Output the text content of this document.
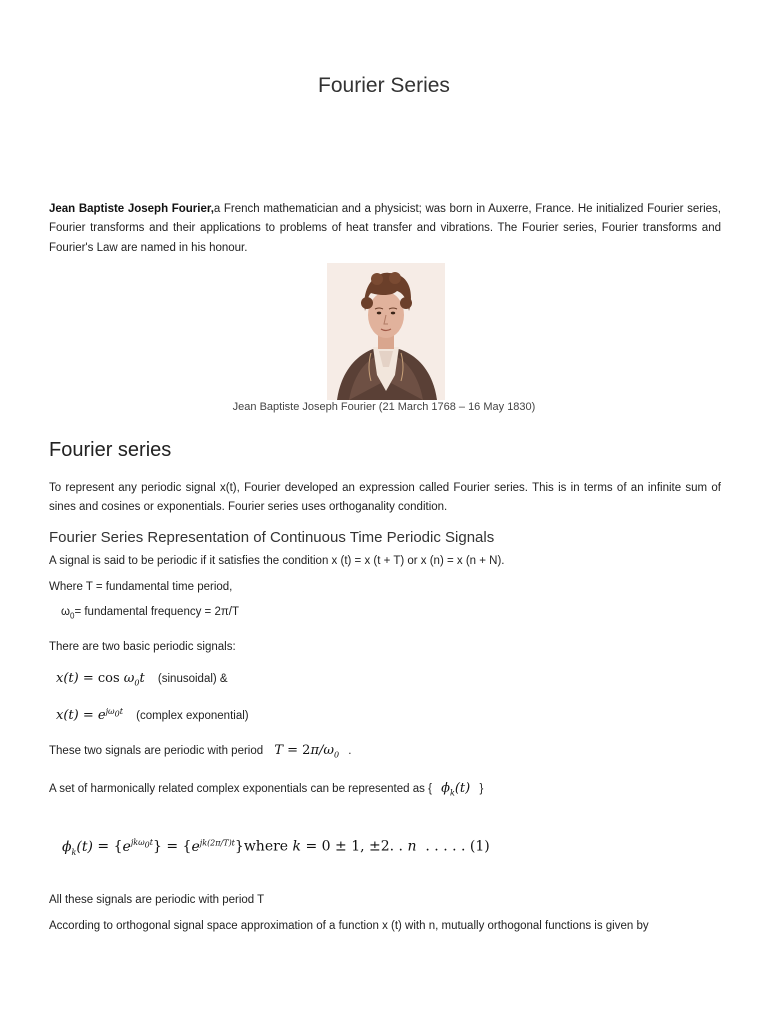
Fourier Series
Jean Baptiste Joseph Fourier,a French mathematician and a physicist; was born in Auxerre, France. He initialized Fourier series, Fourier transforms and their applications to problems of heat transfer and vibrations. The Fourier series, Fourier transforms and Fourier's Law are named in his honour.
Jean Baptiste Joseph Fourier (21 March 1768 – 16 May 1830)
Fourier series
To represent any periodic signal x(t), Fourier developed an expression called Fourier series. This is in terms of an infinite sum of sines and cosines or exponentials. Fourier series uses orthoganality condition.
Fourier Series Representation of Continuous Time Periodic Signals
A signal is said to be periodic if it satisfies the condition x (t) = x (t + T) or x (n) = x (n + N).
Where T = fundamental time period,
$\omega_0=$ fundamental frequency = 2π/T
There are two basic periodic signals:
$x(t) = \cos \omega_0t$ (sinusoidal) &
$x(t) = e^{j\omega_0t}$ (complex exponential)
These two signals are periodic with period $T = 2\pi/\omega_0$ .
A set of harmonically related complex exponentials can be represented as { $\phi_k(t)$ }
$\phi_k(t) = \{e^{jk\omega_0t}\}$ = $\{e^{jk(2\pi/T)t}\}where$ k = 0 ± 1, ±2. . n . . . . . (1)
All these signals are periodic with period T
According to orthogonal signal space approximation of a function x (t) with n, mutually orthogonal functions is given by
